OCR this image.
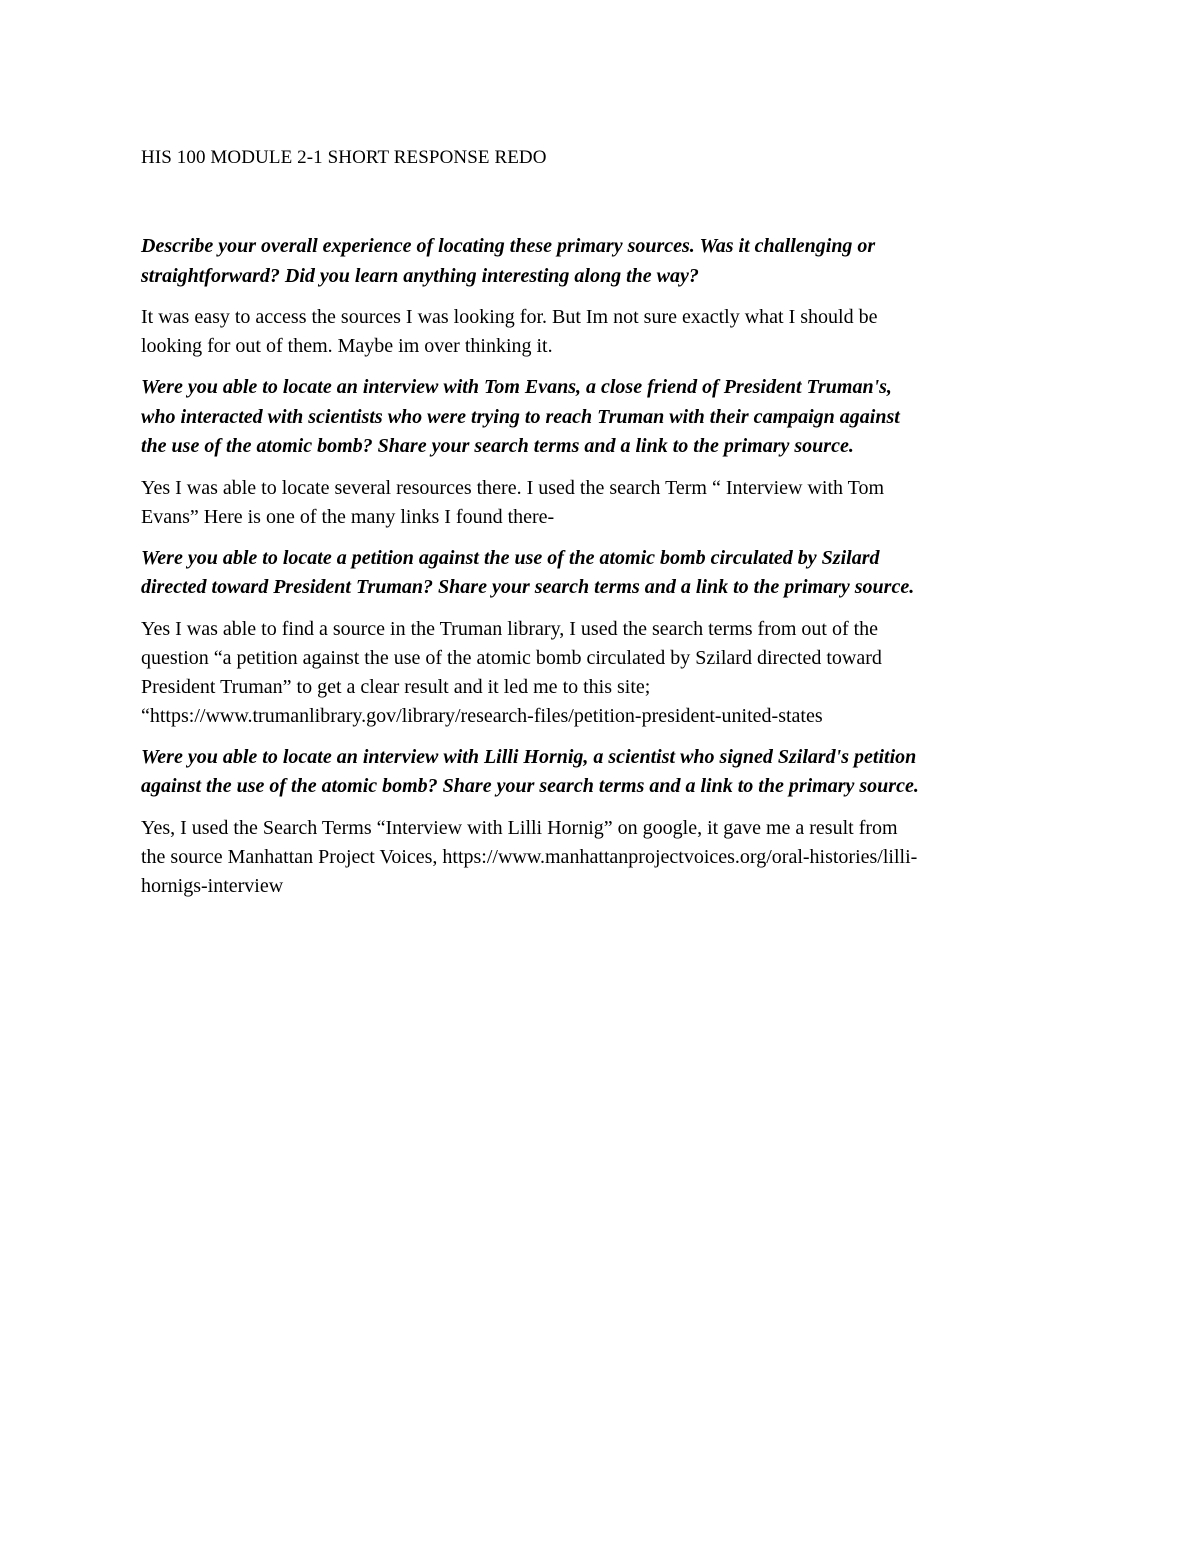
HIS 100 MODULE 2-1 SHORT RESPONSE REDO

Describe your overall experience of locating these primary sources. Was it challenging or
straightforward? Did you learn anything interesting along the way?

It was easy to access the sources I was looking for. But Im not sure exactly what I should be
looking for out of them. Maybe im over thinking it.

Were you able to locate an interview with Tom Evans, a close friend of President Truman's,
who interacted with scientists who were trying to reach Truman with their campaign against
the use of the atomic bomb? Share your search terms and a link to the primary source.

Yes I was able to locate several resources there. I used the search Term “ Interview with Tom
Evans” Here is one of the many links I found there-

Were you able to locate a petition against the use of the atomic bomb circulated by Szilard
directed toward President Truman? Share your search terms and a link to the primary source.

Yes I was able to find a source in the Truman library, I used the search terms from out of the
question “a petition against the use of the atomic bomb circulated by Szilard directed toward
President Truman” to get a clear result and it led me to this site;
“https://www.trumanlibrary.gov/library/research-files/petition-president-united-states

Were you able to locate an interview with Lilli Hornig, a scientist who signed Szilard's petition
against the use of the atomic bomb? Share your search terms and a link to the primary source.

Yes, I used the Search Terms “Interview with Lilli Hornig” on google, it gave me a result from
the source Manhattan Project Voices, https://www.manhattanprojectvoices.org/oral-histories/lilli-
hornigs-interview
